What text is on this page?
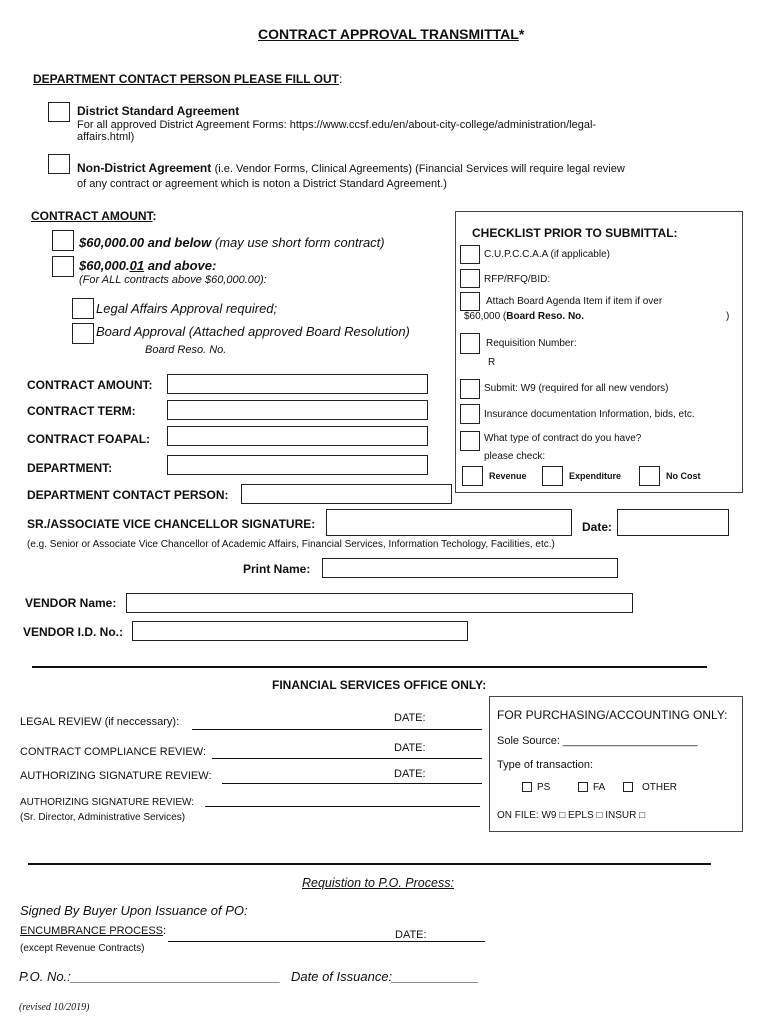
CONTRACT APPROVAL TRANSMITTAL*
DEPARTMENT CONTACT PERSON PLEASE FILL OUT:
District Standard Agreement
For all approved District Agreement Forms: https://www.ccsf.edu/en/about-city-college/administration/legal-
affairs.html)
Non-District Agreement (i.e. Vendor Forms, Clinical Agreements) (Financial Services will require legal review
of any contract or agreement which is noton a District Standard Agreement.)
CONTRACT AMOUNT:
$60,000.00 and below (may use short form contract)
$60,000.01 and above:
(For ALL contracts above $60,000.00):
Legal Affairs Approval required;
Board Approval (Attached approved Board Resolution)
Board Reso. No.
CHECKLIST PRIOR TO SUBMITTAL:
C.U.P.C.C.A.A (if applicable)
RFP/RFQ/BID:
Attach Board Agenda Item if item if over
$60,000 (Board Reso. No.	)
Requisition Number:
R
Submit: W9 (required for all new vendors)
Insurance documentation Information, bids, etc.
What type of contract do you have?
please check:
Revenue	Expenditure	No Cost
CONTRACT AMOUNT:
CONTRACT TERM:
CONTRACT FOAPAL:
DEPARTMENT:
DEPARTMENT CONTACT PERSON:
SR./ASSOCIATE VICE CHANCELLOR SIGNATURE:	Date:
(e.g. Senior or Associate Vice Chancellor of Academic Affairs, Financial Services, Information Techology, Facilities, etc.)
Print Name:
VENDOR Name:
VENDOR I.D. No.:
FINANCIAL SERVICES OFFICE ONLY:
LEGAL REVIEW (if neccessary):	DATE:
CONTRACT COMPLIANCE REVIEW:	DATE:
AUTHORIZING SIGNATURE REVIEW:	DATE:
AUTHORIZING SIGNATURE REVIEW:
(Sr. Director, Administrative Services)
FOR PURCHASING/ACCOUNTING ONLY:
Sole Source: ______________________
Type of transaction:
PS	FA	OTHER
ON FILE: W9 □ EPLS □ INSUR □
Requistion to P.O. Process:
Signed By Buyer Upon Issuance of PO:
ENCUMBRANCE PROCESS:	DATE:
(except Revenue Contracts)
P.O. No.:_____________________________ Date of Issuance:____________
(revised 10/2019)
